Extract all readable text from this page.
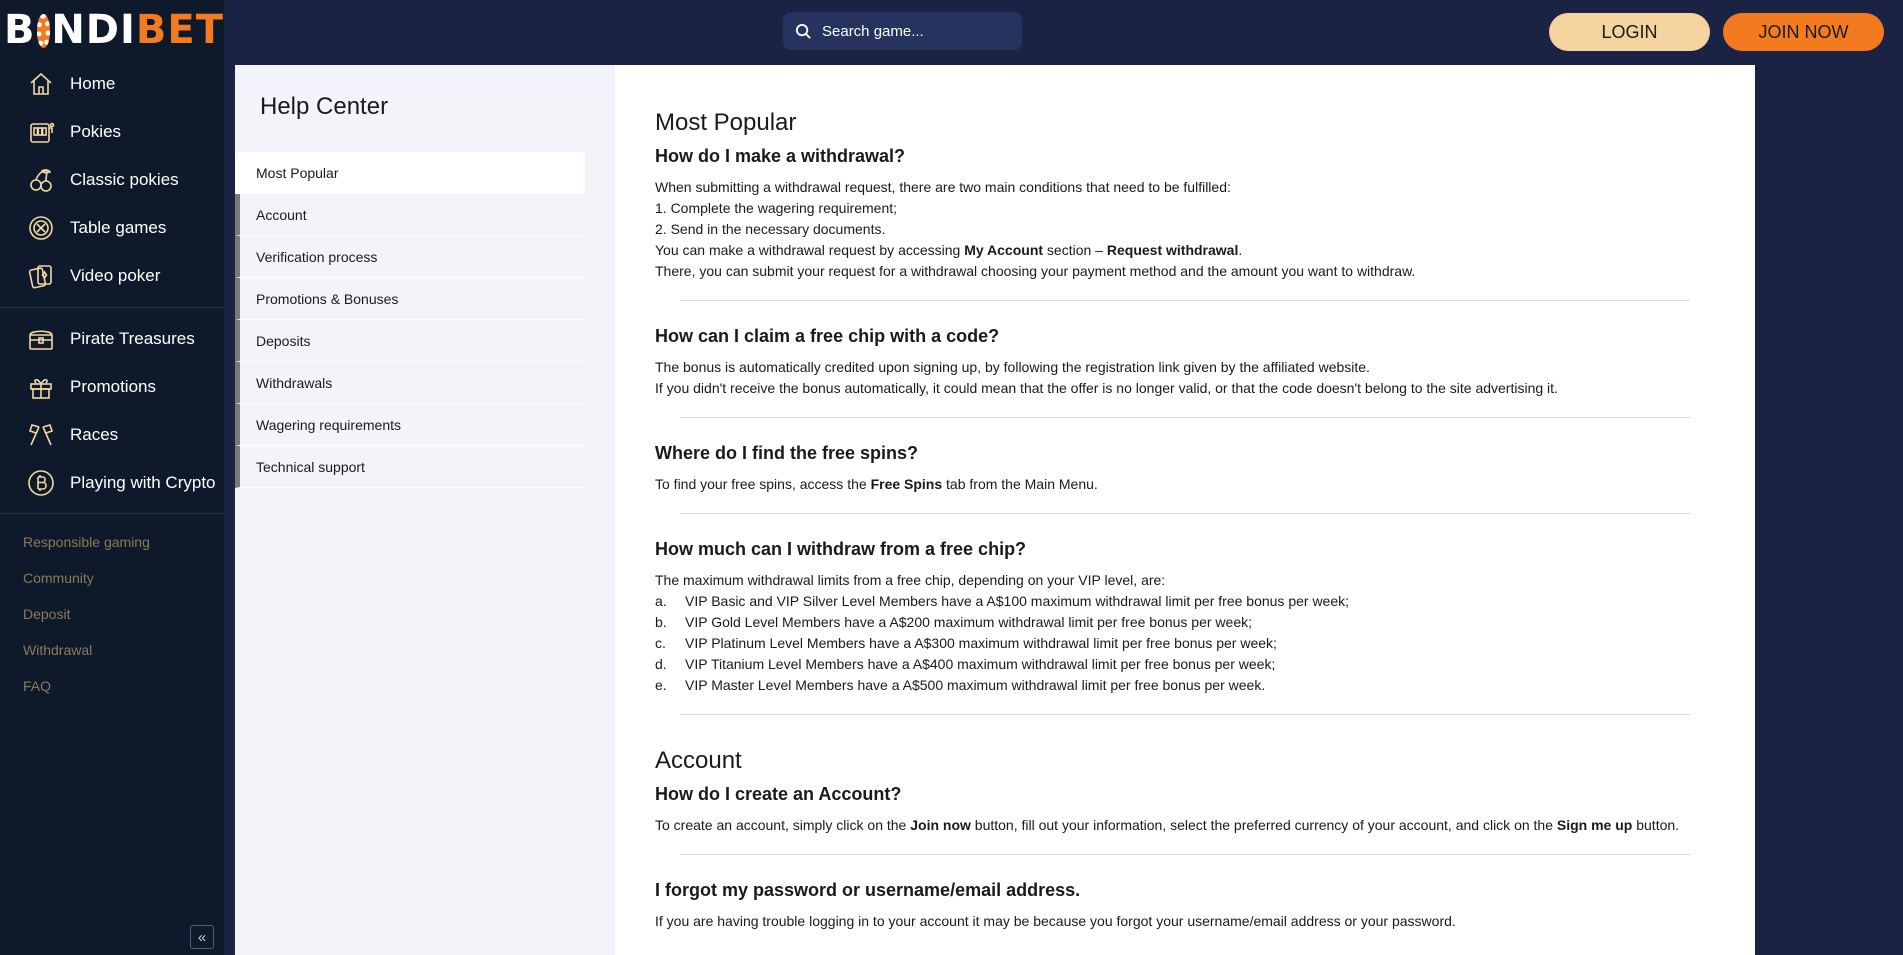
B NDI BET
Home
Pokies
Classic pokies
Table games
Video poker
Pirate Treasures
Promotions
Races
Playing with Crypto
Responsible gaming
Community
Deposit
Withdrawal
FAQ
«
Search game...
LOGIN	JOIN NOW
Help Center
Most Popular
Account
Verification process
Promotions & Bonuses
Deposits
Withdrawals
Wagering requirements
Technical support
Most Popular
How do I make a withdrawal?
When submitting a withdrawal request, there are two main conditions that need to be fulfilled:
1. Complete the wagering requirement;
2. Send in the necessary documents.
You can make a withdrawal request by accessing My Account section – Request withdrawal.
There, you can submit your request for a withdrawal choosing your payment method and the amount you want to withdraw.
How can I claim a free chip with a code?
The bonus is automatically credited upon signing up, by following the registration link given by the affiliated website.
If you didn't receive the bonus automatically, it could mean that the offer is no longer valid, or that the code doesn't belong to the site advertising it.
Where do I find the free spins?
To find your free spins, access the Free Spins tab from the Main Menu.
How much can I withdraw from a free chip?
The maximum withdrawal limits from a free chip, depending on your VIP level, are:
a.	VIP Basic and VIP Silver Level Members have a A$100 maximum withdrawal limit per free bonus per week;
b.	VIP Gold Level Members have a A$200 maximum withdrawal limit per free bonus per week;
c.	VIP Platinum Level Members have a A$300 maximum withdrawal limit per free bonus per week;
d.	VIP Titanium Level Members have a A$400 maximum withdrawal limit per free bonus per week;
e.	VIP Master Level Members have a A$500 maximum withdrawal limit per free bonus per week.
Account
How do I create an Account?
To create an account, simply click on the Join now button, fill out your information, select the preferred currency of your account, and click on the Sign me up button.
I forgot my password or username/email address.
If you are having trouble logging in to your account it may be because you forgot your username/email address or your password.
